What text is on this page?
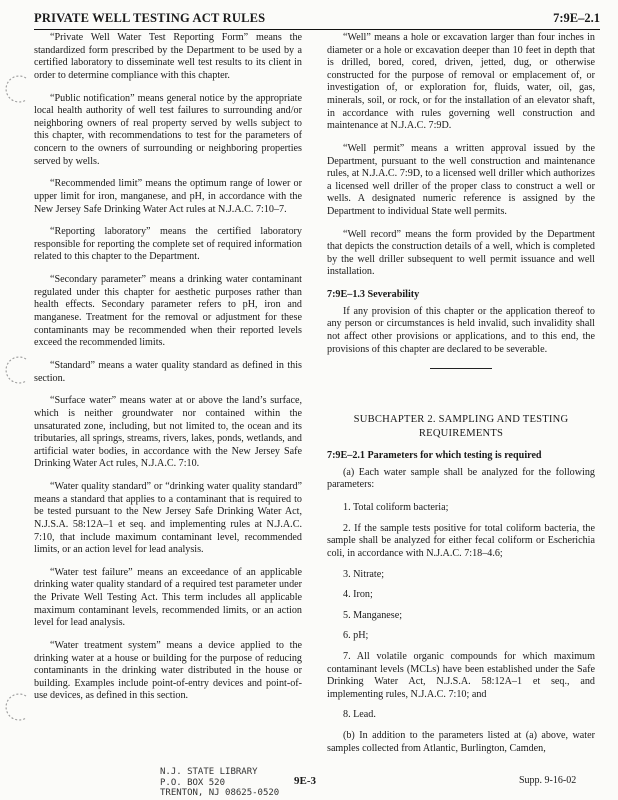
PRIVATE WELL TESTING ACT RULES	7:9E–2.1

“Private Well Water Test Reporting Form” means the standardized form prescribed by the Department to be used by a certified laboratory to disseminate well test results to its client in order to determine compliance with this chapter.

“Public notification” means general notice by the appropriate local health authority of well test failures to surrounding and/or neighboring owners of real property served by wells subject to this chapter, with recommendations to test for the parameters of concern to the owners of surrounding or neighboring properties served by wells.

“Recommended limit” means the optimum range of lower or upper limit for iron, manganese, and pH, in accordance with the New Jersey Safe Drinking Water Act rules at N.J.A.C. 7:10–7.

“Reporting laboratory” means the certified laboratory responsible for reporting the complete set of required information related to this chapter to the Department.

“Secondary parameter” means a drinking water contaminant regulated under this chapter for aesthetic purposes rather than health effects. Secondary parameter refers to pH, iron and manganese. Treatment for the removal or adjustment for these contaminants may be recommended when their reported levels exceed the recommended limits.

“Standard” means a water quality standard as defined in this section.

“Surface water” means water at or above the land’s surface, which is neither groundwater nor contained within the unsaturated zone, including, but not limited to, the ocean and its tributaries, all springs, streams, rivers, lakes, ponds, wetlands, and artificial water bodies, in accordance with the New Jersey Safe Drinking Water Act rules, N.J.A.C. 7:10.

“Water quality standard” or “drinking water quality standard” means a standard that applies to a contaminant that is required to be tested pursuant to the New Jersey Safe Drinking Water Act, N.J.S.A. 58:12A–1 et seq. and implementing rules at N.J.A.C. 7:10, that include maximum contaminant level, recommended limits, or an action level for lead analysis.

“Water test failure” means an exceedance of an applicable drinking water quality standard of a required test parameter under the Private Well Testing Act. This term includes all applicable maximum contaminant levels, recommended limits, or an action level for lead analysis.

“Water treatment system” means a device applied to the drinking water at a house or building for the purpose of reducing contaminants in the drinking water distributed in the house or building. Examples include point-of-entry devices and point-of-use devices, as defined in this section.

“Well” means a hole or excavation larger than four inches in diameter or a hole or excavation deeper than 10 feet in depth that is drilled, bored, cored, driven, jetted, dug, or otherwise constructed for the purpose of removal or emplacement of, or investigation of, or exploration for, fluids, water, oil, gas, minerals, soil, or rock, or for the installation of an elevator shaft, in accordance with rules governing well construction and maintenance at N.J.A.C. 7:9D.

“Well permit” means a written approval issued by the Department, pursuant to the well construction and maintenance rules, at N.J.A.C. 7:9D, to a licensed well driller which authorizes a licensed well driller of the proper class to construct a well or wells. A designated numeric reference is assigned by the Department to individual State well permits.

“Well record” means the form provided by the Department that depicts the construction details of a well, which is completed by the well driller subsequent to well permit issuance and well installation.

7:9E–1.3 Severability

If any provision of this chapter or the application thereof to any person or circumstances is held invalid, such invalidity shall not affect other provisions or applications, and to this end, the provisions of this chapter are declared to be severable.

SUBCHAPTER 2. SAMPLING AND TESTING
REQUIREMENTS

7:9E–2.1 Parameters for which testing is required

(a) Each water sample shall be analyzed for the following parameters:

1. Total coliform bacteria;

2. If the sample tests positive for total coliform bacteria, the sample shall be analyzed for either fecal coliform or Escherichia coli, in accordance with N.J.A.C. 7:18–4.6;

3. Nitrate;

4. Iron;

5. Manganese;

6. pH;

7. All volatile organic compounds for which maximum contaminant levels (MCLs) have been established under the Safe Drinking Water Act, N.J.S.A. 58:12A–1 et seq., and implementing rules, N.J.A.C. 7:10; and

8. Lead.

(b) In addition to the parameters listed at (a) above, water samples collected from Atlantic, Burlington, Camden,

N.J. STATE LIBRARY
P.O. BOX 520
TRENTON, NJ 08625-0520
9E-3	Supp. 9-16-02
